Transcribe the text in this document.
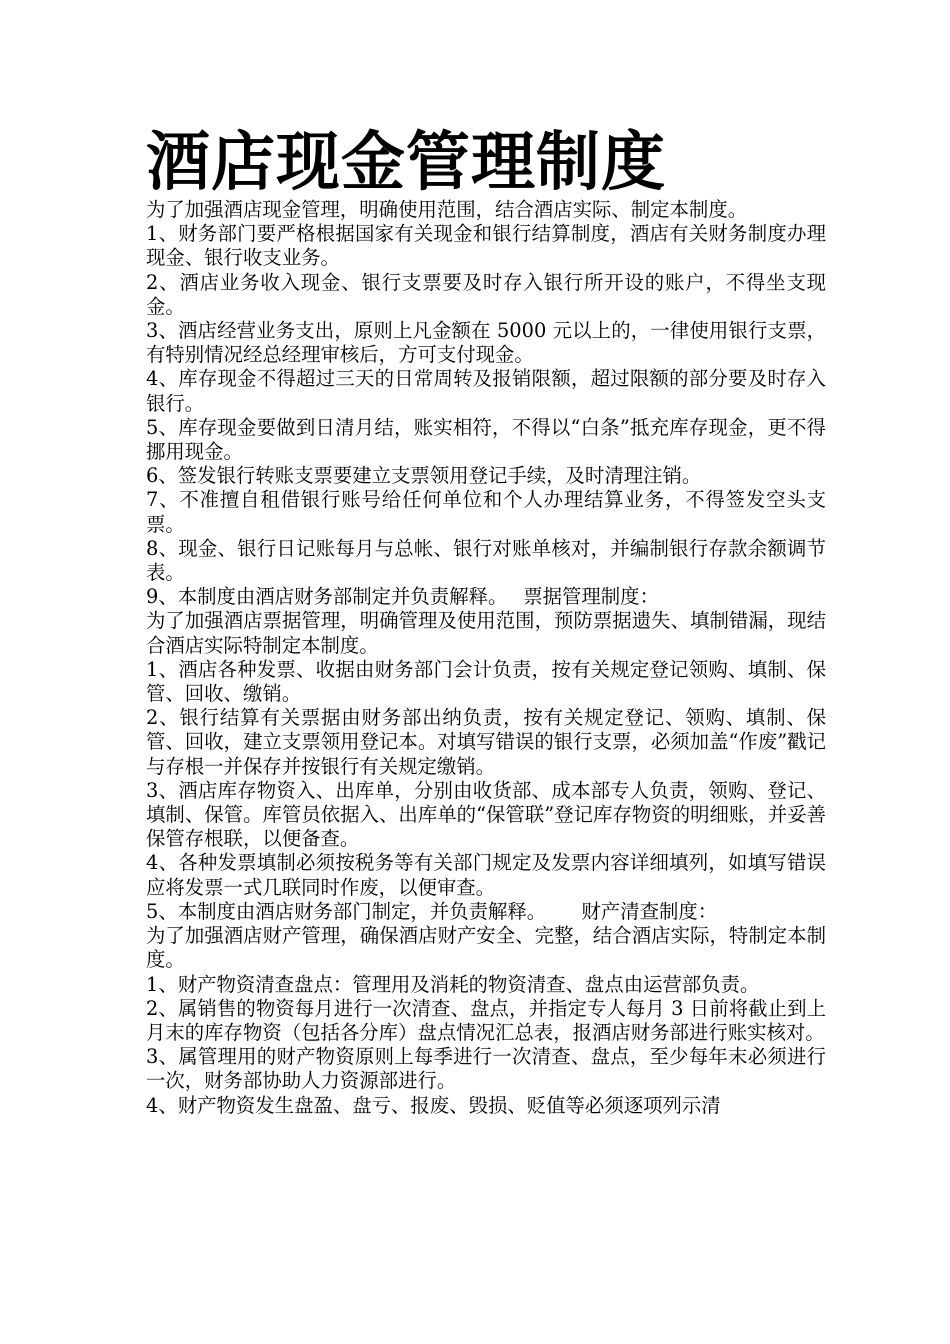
酒店现金管理制度

为了加强酒店现金管理，明确使用范围，结合酒店实际、制定本制度。

1、财务部门要严格根据国家有关现金和银行结算制度，酒店有关财务制度办理现金、银行收支业务。

2、酒店业务收入现金、银行支票要及时存入银行所开设的账户，不得坐支现金。

3、酒店经营业务支出，原则上凡金额在 5000 元以上的，一律使用银行支票，有特别情况经总经理审核后，方可支付现金。

4、库存现金不得超过三天的日常周转及报销限额，超过限额的部分要及时存入银行。

5、库存现金要做到日清月结，账实相符，不得以“白条”抵充库存现金，更不得挪用现金。

6、签发银行转账支票要建立支票领用登记手续，及时清理注销。

7、不准擅自租借银行账号给任何单位和个人办理结算业务，不得签发空头支票。

8、现金、银行日记账每月与总帐、银行对账单核对，并编制银行存款余额调节表。

9、本制度由酒店财务部制定并负责解释。　 票据管理制度：

为了加强酒店票据管理，明确管理及使用范围，预防票据遗失、填制错漏，现结合酒店实际特制定本制度。

1、酒店各种发票、收据由财务部门会计负责，按有关规定登记领购、填制、保管、回收、缴销。

2、银行结算有关票据由财务部出纳负责，按有关规定登记、领购、填制、保管、回收，建立支票领用登记本。对填写错误的银行支票，必须加盖“作废”戳记与存根一并保存并按银行有关规定缴销。

3、酒店库存物资入、出库单，分别由收货部、成本部专人负责，领购、登记、填制、保管。库管员依据入、出库单的“保管联”登记库存物资的明细账，并妥善保管存根联，以便备查。

4、各种发票填制必须按税务等有关部门规定及发票内容详细填列，如填写错误应将发票一式几联同时作废，以便审查。

5、本制度由酒店财务部门制定，并负责解释。　　 财产清查制度：

为了加强酒店财产管理，确保酒店财产安全、完整，结合酒店实际，特制定本制度。

1、财产物资清查盘点：管理用及消耗的物资清查、盘点由运营部负责。

2、属销售的物资每月进行一次清查、盘点，并指定专人每月 3 日前将截止到上月末的库存物资（包括各分库）盘点情况汇总表，报酒店财务部进行账实核对。

3、属管理用的财产物资原则上每季进行一次清查、盘点，至少每年末必须进行一次，财务部协助人力资源部进行。

4、财产物资发生盘盈、盘亏、报废、毁损、贬值等必须逐项列示清
